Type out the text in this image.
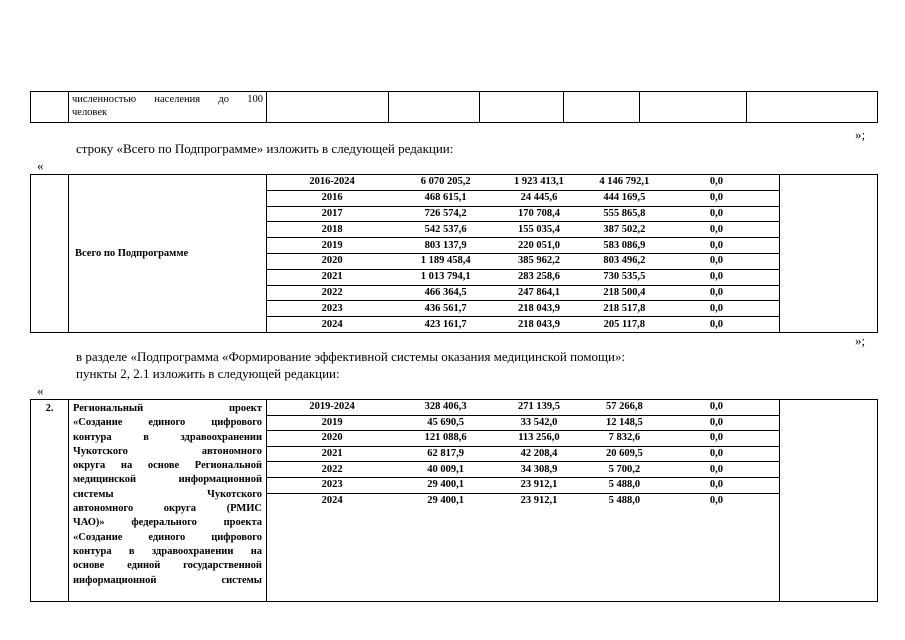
численностью населения до 100
человек

»;
строку «Всего по Подпрограмме» изложить в следующей редакции:
«

Всего по Подпрограмме

2016-2024	6 070 205,2	1 923 413,1	4 146 792,1	0,0
2016	468 615,1	24 445,6	444 169,5	0,0
2017	726 574,2	170 708,4	555 865,8	0,0
2018	542 537,6	155 035,4	387 502,2	0,0
2019	803 137,9	220 051,0	583 086,9	0,0
2020	1 189 458,4	385 962,2	803 496,2	0,0
2021	1 013 794,1	283 258,6	730 535,5	0,0
2022	466 364,5	247 864,1	218 500,4	0,0
2023	436 561,7	218 043,9	218 517,8	0,0
2024	423 161,7	218 043,9	205 117,8	0,0

»;
в разделе «Подпрограмма «Формирование эффективной системы оказания медицинской помощи»:
пункты 2, 2.1 изложить в следующей редакции:
«
2.	Региональный проект
«Создание единого цифрового
контура в здравоохранении
Чукотского автономного
округа на основе Региональной
медицинской информационной
системы Чукотского
автономного округа (РМИС
ЧАО)» федерального проекта
«Создание единого цифрового
контура в здравоохранении на
основе единой государственной
информационной системы

2019-2024	328 406,3	271 139,5	57 266,8	0,0
2019	45 690,5	33 542,0	12 148,5	0,0
2020	121 088,6	113 256,0	7 832,6	0,0
2021	62 817,9	42 208,4	20 609,5	0,0
2022	40 009,1	34 308,9	5 700,2	0,0
2023	29 400,1	23 912,1	5 488,0	0,0
2024	29 400,1	23 912,1	5 488,0	0,0
